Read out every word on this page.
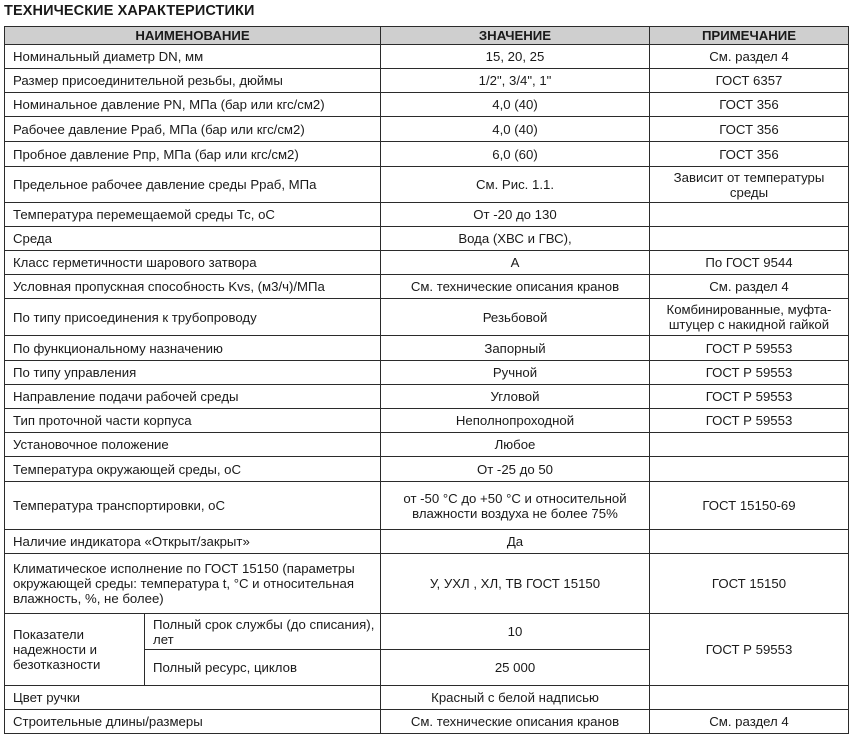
ТЕХНИЧЕСКИЕ ХАРАКТЕРИСТИКИ
НАИМЕНОВАНИЕ		ЗНАЧЕНИЕ	ПРИМЕЧАНИЕ
Номинальный диаметр DN, мм		15, 20, 25	См. раздел 4
Размер присоединительной резьбы, дюймы		1/2", 3/4", 1"	ГОСТ 6357
Номинальное давление PN, МПа (бар или кгс/см2)		4,0 (40)	ГОСТ 356
Рабочее давление Рраб, МПа (бар или кгс/см2)		4,0 (40)	ГОСТ 356
Пробное давление Рпр, МПа (бар или кгс/см2)		6,0 (60)	ГОСТ 356
Предельное рабочее давление среды Рраб, МПа		См. Рис. 1.1.	Зависит от температуры среды
Температура перемещаемой среды Тс, оС		От -20 до 130	
Среда		Вода (ХВС и ГВС),	
Класс герметичности шарового затвора		А	По ГОСТ 9544
Условная пропускная способность Kvs, (м3/ч)/МПа		См. технические описания кранов	См. раздел 4
По типу присоединения к трубопроводу		Резьбовой	Комбинированные, муфта-штуцер с накидной гайкой
По функциональному назначению		Запорный	ГОСТ Р 59553
По типу управления		Ручной	ГОСТ Р 59553
Направление подачи рабочей среды		Угловой	ГОСТ Р 59553
Тип проточной части корпуса		Неполнопроходной	ГОСТ Р 59553
Установочное положение		Любое	
Температура окружающей среды, оС		От -25 до 50	
Температура транспортировки, оС		от -50 °С до +50 °С и относительной влажности воздуха не более 75%	ГОСТ 15150-69
Наличие индикатора «Открыт/закрыт»		Да	
Климатическое исполнение по ГОСТ 15150 (параметры окружающей среды: температура t, °С и относительная влажность, %, не более)		У, УХЛ , ХЛ, ТВ ГОСТ 15150	ГОСТ 15150
Показатели надежности и безотказности	Полный срок службы (до списания), лет	10	ГОСТ Р 59553
	Полный ресурс, циклов	25 000	
Цвет ручки		Красный с белой надписью	
Строительные длины/размеры		См. технические описания кранов	См. раздел 4
